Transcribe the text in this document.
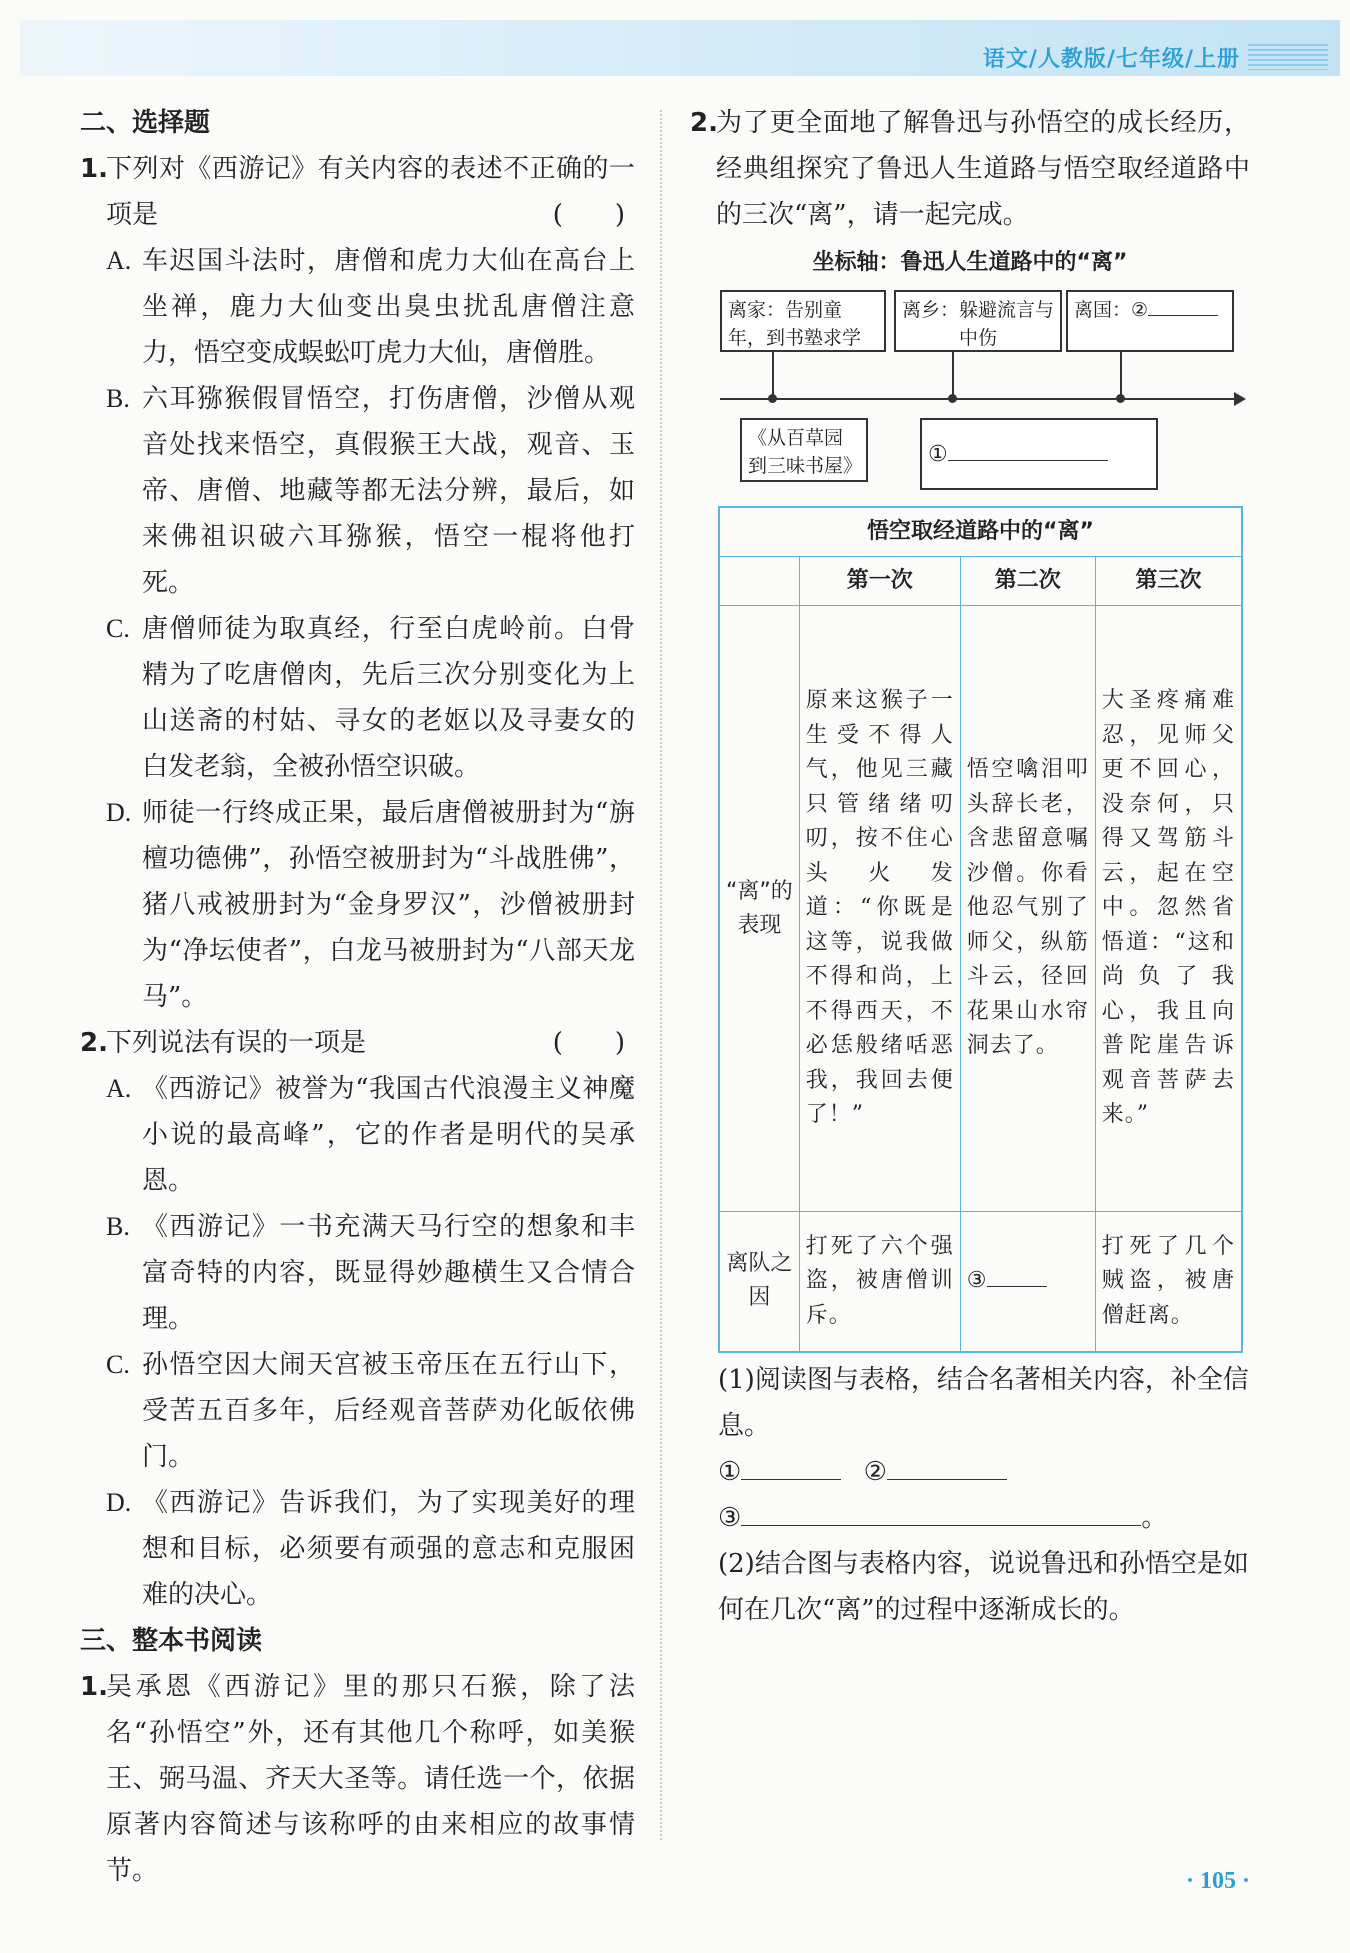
语文/人教版/七年级/上册
二、选择题
1.
下列对《西游记》有关内容的表述不正确的一项是	(　　)
A. 车迟国斗法时，唐僧和虎力大仙在高台上坐禅，鹿力大仙变出臭虫扰乱唐僧注意力，悟空变成蜈蚣叮虎力大仙，唐僧胜。
B. 六耳猕猴假冒悟空，打伤唐僧，沙僧从观音处找来悟空，真假猴王大战，观音、玉帝、唐僧、地藏等都无法分辨，最后，如来佛祖识破六耳猕猴，悟空一棍将他打死。
C. 唐僧师徒为取真经，行至白虎岭前。白骨精为了吃唐僧肉，先后三次分别变化为上山送斋的村姑、寻女的老妪以及寻妻女的白发老翁，全被孙悟空识破。
D. 师徒一行终成正果，最后唐僧被册封为“旃檀功德佛”，孙悟空被册封为“斗战胜佛”，猪八戒被册封为“金身罗汉”，沙僧被册封为“净坛使者”，白龙马被册封为“八部天龙马”。
2.
下列说法有误的一项是	(　　)
A. 《西游记》被誉为“我国古代浪漫主义神魔小说的最高峰”，它的作者是明代的吴承恩。
B. 《西游记》一书充满天马行空的想象和丰富奇特的内容，既显得妙趣横生又合情合理。
C. 孙悟空因大闹天宫被玉帝压在五行山下，受苦五百多年，后经观音菩萨劝化皈依佛门。
D. 《西游记》告诉我们，为了实现美好的理想和目标，必须要有顽强的意志和克服困难的决心。
三、整本书阅读
1.
吴承恩《西游记》里的那只石猴，除了法名“孙悟空”外，还有其他几个称呼，如美猴王、弼马温、齐天大圣等。请任选一个，依据原著内容简述与该称呼的由来相应的故事情节。
2.
为了更全面地了解鲁迅与孙悟空的成长经历，经典组探究了鲁迅人生道路与悟空取经道路中的三次“离”，请一起完成。
坐标轴：鲁迅人生道路中的“离”
离家：告别童年，到书塾求学
离乡：躲避流言与中伤
离国：②
《从百草园到三味书屋》	①
悟空取经道路中的“离”			
	第一次	第二次	第三次
“离”的表现	原来这猴子一生受不得人气，他见三藏只管绪绪叨叨，按不住心头火发道：“你既是这等，说我做不得和尚，上不得西天，不必恁般绪咶恶我，我回去便了！”	悟空噙泪叩头辞长老，含悲留意嘱沙僧。你看他忍气别了师父，纵筋斗云，径回花果山水帘洞去了。	大圣疼痛难忍，见师父更不回心，没奈何，只得又驾筋斗云，起在空中。忽然省悟道：“这和尚负了我心，我且向普陀崖告诉观音菩萨去来。”
离队之因	打死了六个强盗，被唐僧训斥。	③	打死了几个贼盗，被唐僧赶离。
(1)阅读图与表格，结合名著相关内容，补全信息。
①	②
③	。
(2)结合图与表格内容，说说鲁迅和孙悟空是如何在几次“离”的过程中逐渐成长的。
· 105 ·
